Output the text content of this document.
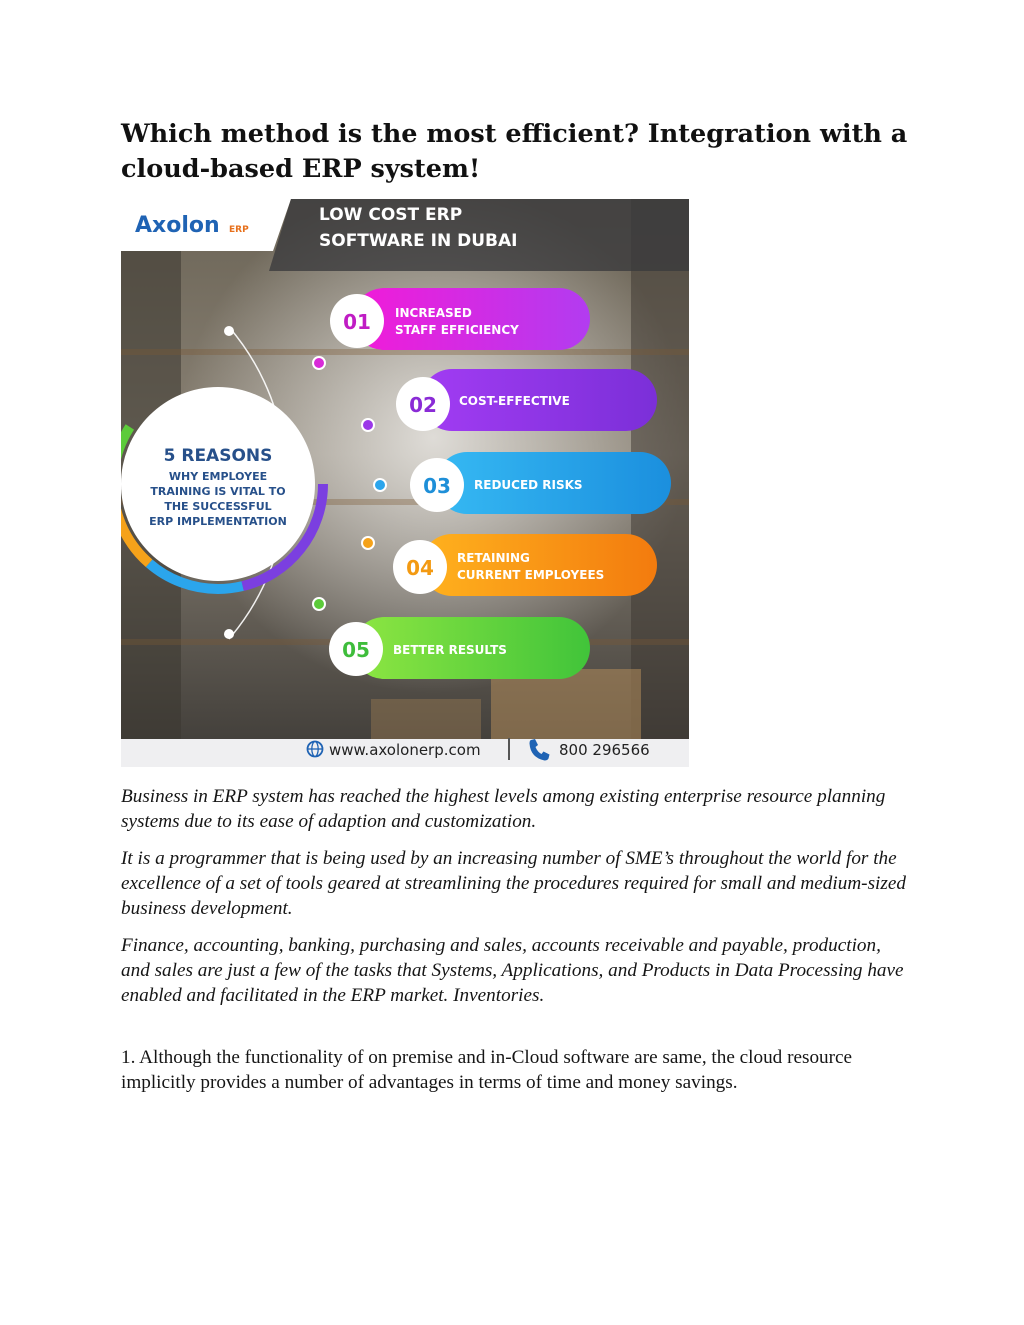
Which method is the most efficient? Integration with a cloud-based ERP system!
Axolon ERP
LOW COST ERP
SOFTWARE IN DUBAI
5 REASONS
WHY EMPLOYEE
TRAINING IS VITAL TO
THE SUCCESSFUL
ERP IMPLEMENTATION
01 INCREASED
STAFF EFFICIENCY
02 COST-EFFECTIVE
03 REDUCED RISKS
04 RETAINING
CURRENT EMPLOYEES
05 BETTER RESULTS
www.axolonerp.com	800 296566

Business in ERP system has reached the highest levels among existing enterprise resource planning systems due to its ease of adaption and customization.

It is a programmer that is being used by an increasing number of SME’s throughout the world for the excellence of a set of tools geared at streamlining the procedures required for small and medium-sized business development.

Finance, accounting, banking, purchasing and sales, accounts receivable and payable, production, and sales are just a few of the tasks that Systems, Applications, and Products in Data Processing have enabled and facilitated in the ERP market. Inventories.

1. Although the functionality of on premise and in-Cloud software are same, the cloud resource implicitly provides a number of advantages in terms of time and money savings.
